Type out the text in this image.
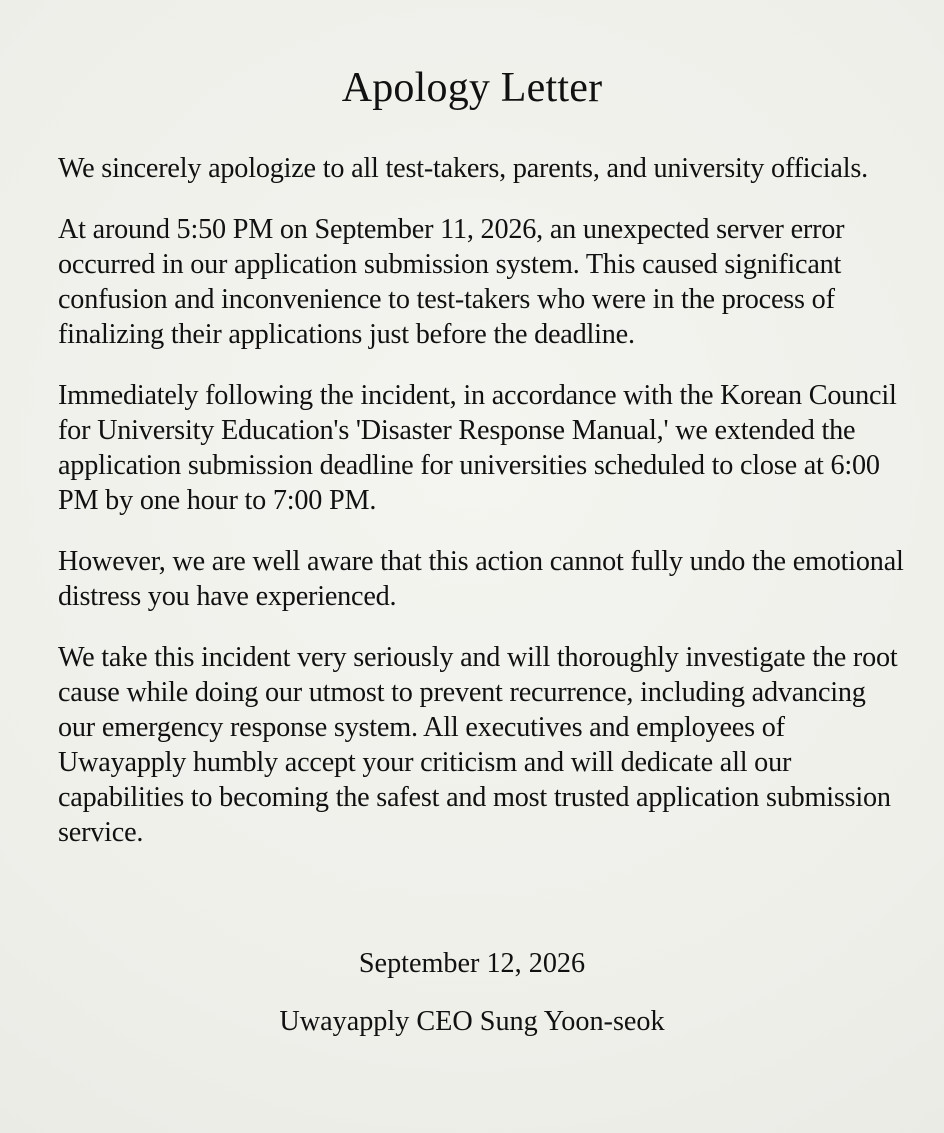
Apology Letter

We sincerely apologize to all test-takers, parents, and university officials.

At around 5:50 PM on September 11, 2026, an unexpected server error occurred in our application submission system. This caused significant confusion and inconvenience to test-takers who were in the process of finalizing their applications just before the deadline.

Immediately following the incident, in accordance with the Korean Council for University Education's 'Disaster Response Manual,' we extended the application submission deadline for universities scheduled to close at 6:00 PM by one hour to 7:00 PM.

However, we are well aware that this action cannot fully undo the emotional distress you have experienced.

We take this incident very seriously and will thoroughly investigate the root cause while doing our utmost to prevent recurrence, including advancing our emergency response system. All executives and employees of Uwayapply humbly accept your criticism and will dedicate all our capabilities to becoming the safest and most trusted application submission service.

September 12, 2026

Uwayapply CEO Sung Yoon-seok
